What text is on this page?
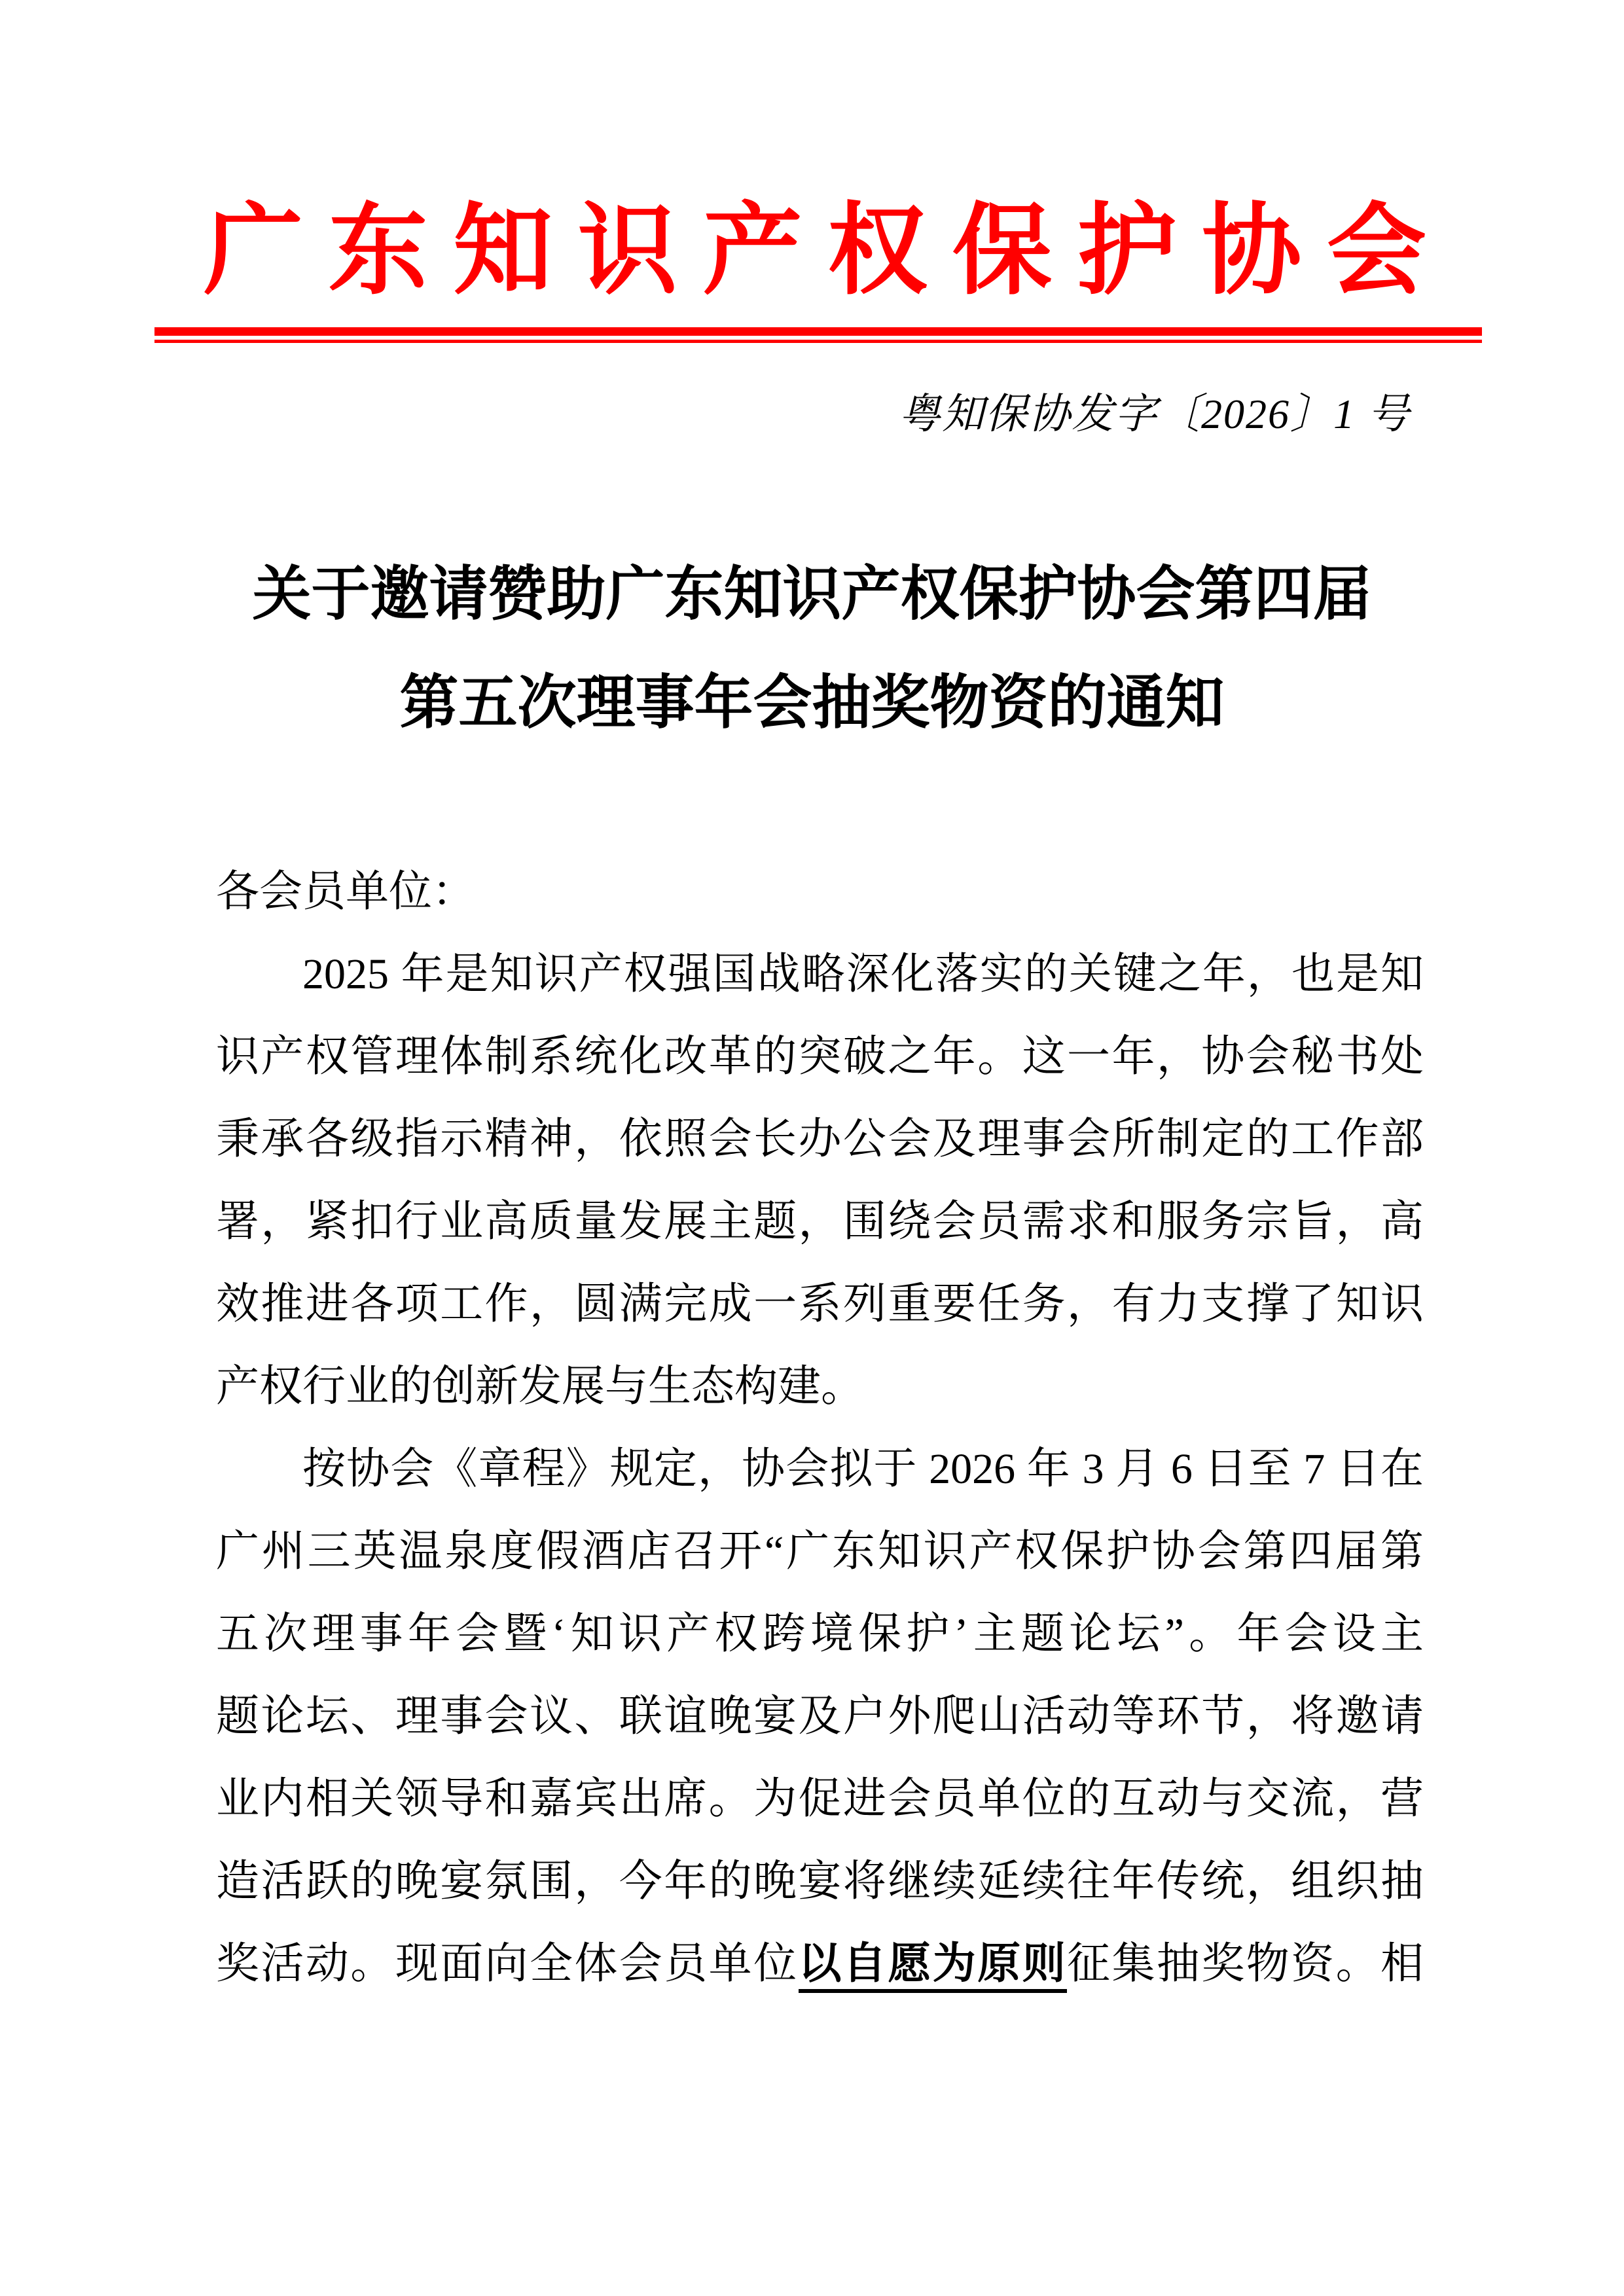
广 东 知 识 产 权 保 护 协 会
粤知保协发字〔2026〕1 号
关于邀请赞助广东知识产权保护协会第四届
第五次理事年会抽奖物资的通知
各会员单位：
2025 年是知识产权强国战略深化落实的关键之年，也是知
识产权管理体制系统化改革的突破之年。这一年，协会秘书处
秉承各级指示精神，依照会长办公会及理事会所制定的工作部
署，紧扣行业高质量发展主题，围绕会员需求和服务宗旨，高
效推进各项工作，圆满完成一系列重要任务，有力支撑了知识
产权行业的创新发展与生态构建。
按协会《章程》规定，协会拟于 2026 年 3 月 6 日至 7 日在
广州三英温泉度假酒店召开“广东知识产权保护协会第四届第
五次理事年会暨‘知识产权跨境保护’主题论坛”。年会设主
题论坛、理事会议、联谊晚宴及户外爬山活动等环节，将邀请
业内相关领导和嘉宾出席。为促进会员单位的互动与交流，营
造活跃的晚宴氛围，今年的晚宴将继续延续往年传统，组织抽
奖活动。现面向全体会员单位以自愿为原则征集抽奖物资。相
